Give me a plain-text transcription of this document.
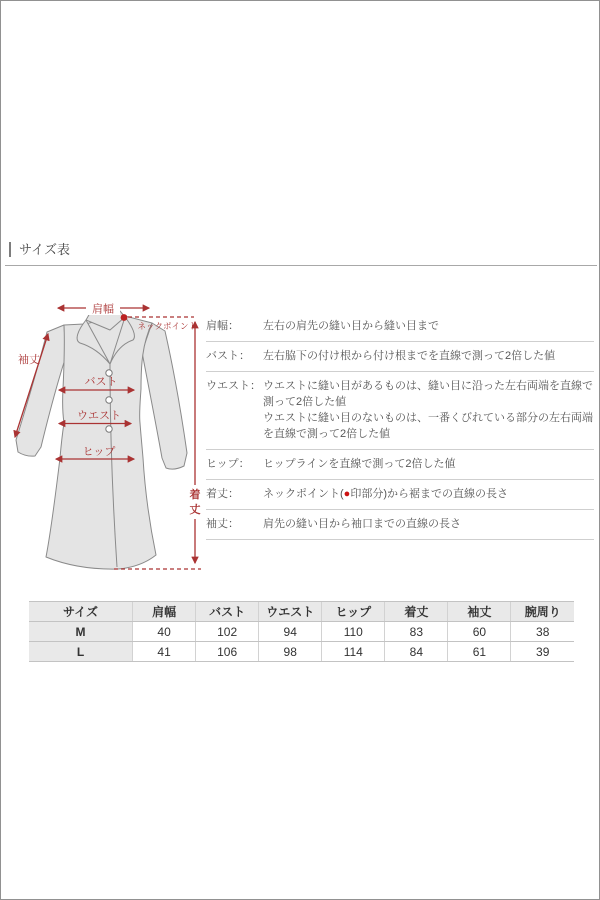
サイズ表
肩幅
ネックポイント
袖丈
バスト
ウエスト
ヒップ
着
丈
肩幅：	左右の肩先の縫い目から縫い目まで
バスト：	左右脇下の付け根から付け根までを直線で測って2倍した値
ウエスト： ウエストに縫い目があるものは、縫い目に沿った左右両端を直線で測って2倍した値

ウエストに縫い目のないものは、一番くびれている部分の左右両端を直線で測って2倍した値

ヒップ：	ヒップラインを直線で測って2倍した値
着丈：	ネックポイント(●印部分)から裾までの直線の長さ
袖丈：	肩先の縫い目から袖口までの直線の長さ
サイズ	肩幅	バスト	ウエスト	ヒップ	着丈	袖丈	腕周り
M	40	102	94	110	83	60	38
L	41	106	98	114	84	61	39
